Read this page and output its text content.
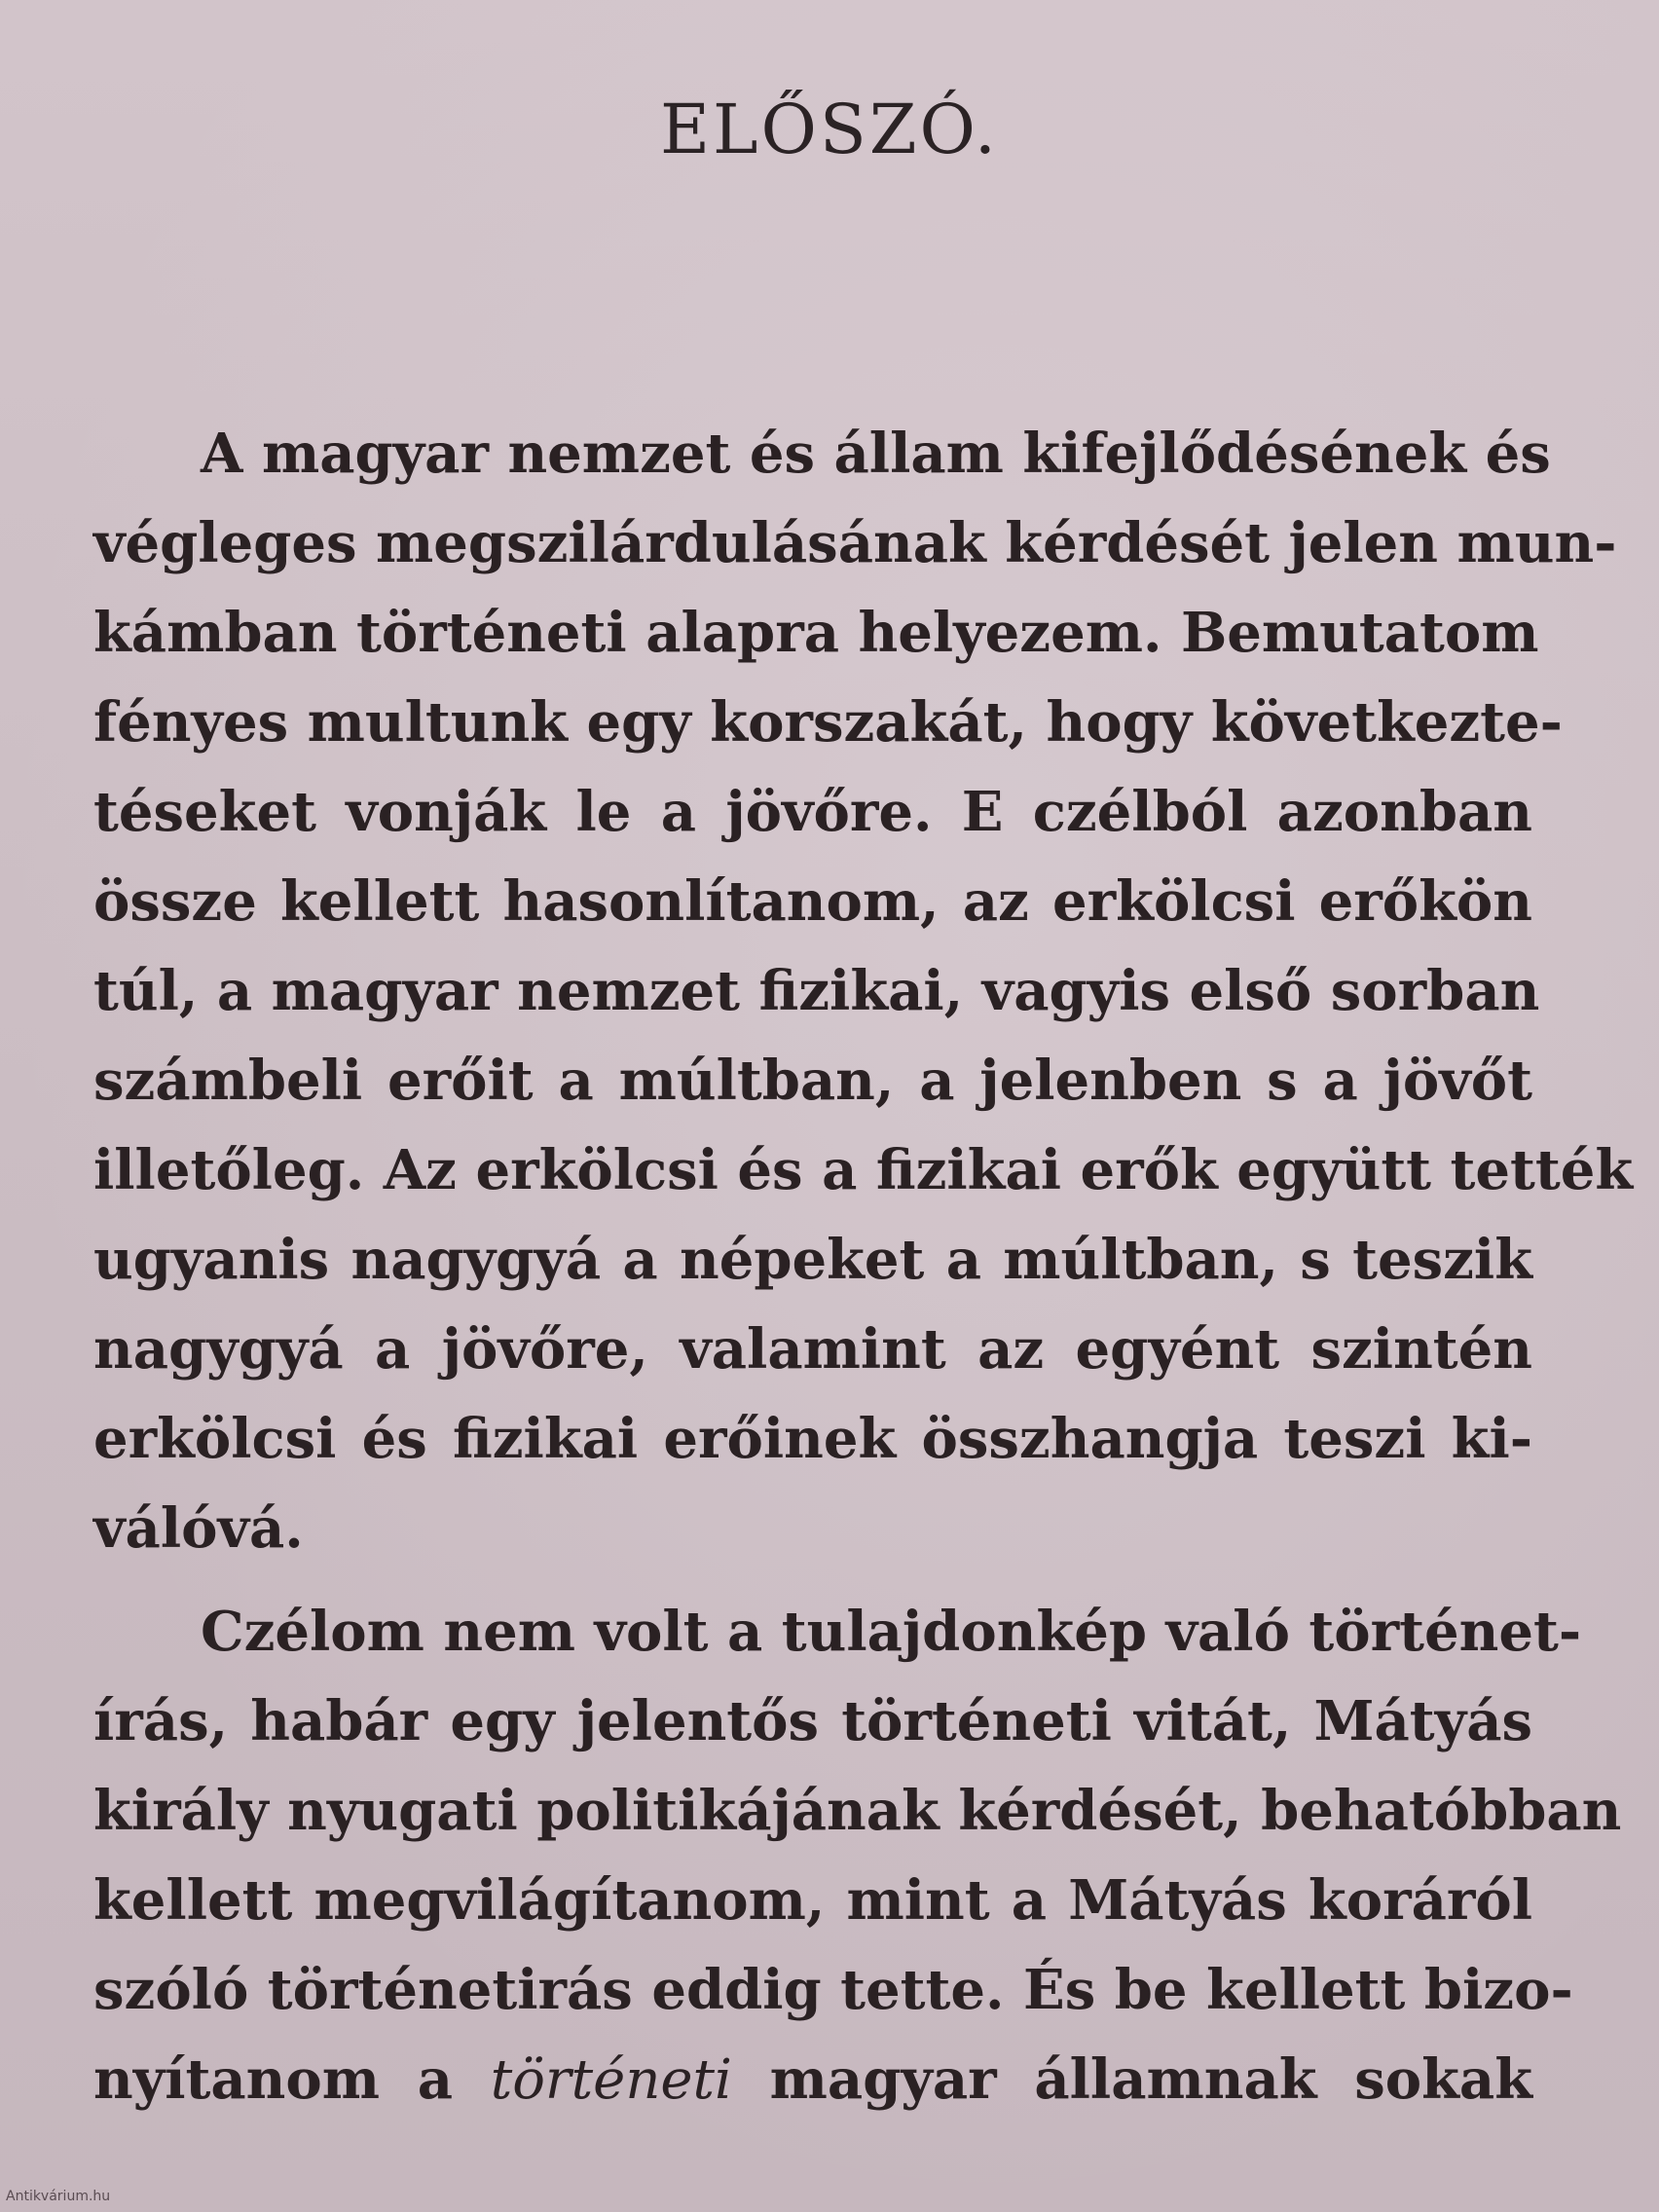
ELŐSZÓ.
A magyar nemzet és állam kifejlődésének és
végleges megszilárdulásának kérdését jelen mun-
kámban történeti alapra helyezem. Bemutatom
fényes multunk egy korszakát, hogy következte-
téseket vonják le a jövőre. E czélból azonban
össze kellett hasonlítanom, az erkölcsi erőkön
túl, a magyar nemzet fizikai, vagyis első sorban
számbeli erőit a múltban, a jelenben s a jövőt
illetőleg. Az erkölcsi és a fizikai erők együtt tették
ugyanis nagygyá a népeket a múltban, s teszik
nagygyá a jövőre, valamint az egyént szintén
erkölcsi és fizikai erőinek összhangja teszi ki-
válóvá.
Czélom nem volt a tulajdonkép való történet-
írás, habár egy jelentős történeti vitát, Mátyás
király nyugati politikájának kérdését, behatóbban
kellett megvilágítanom, mint a Mátyás koráról
szóló történetirás eddig tette. És be kellett bizo-
nyítanom a történeti magyar államnak sokak
Antikvárium.hu
